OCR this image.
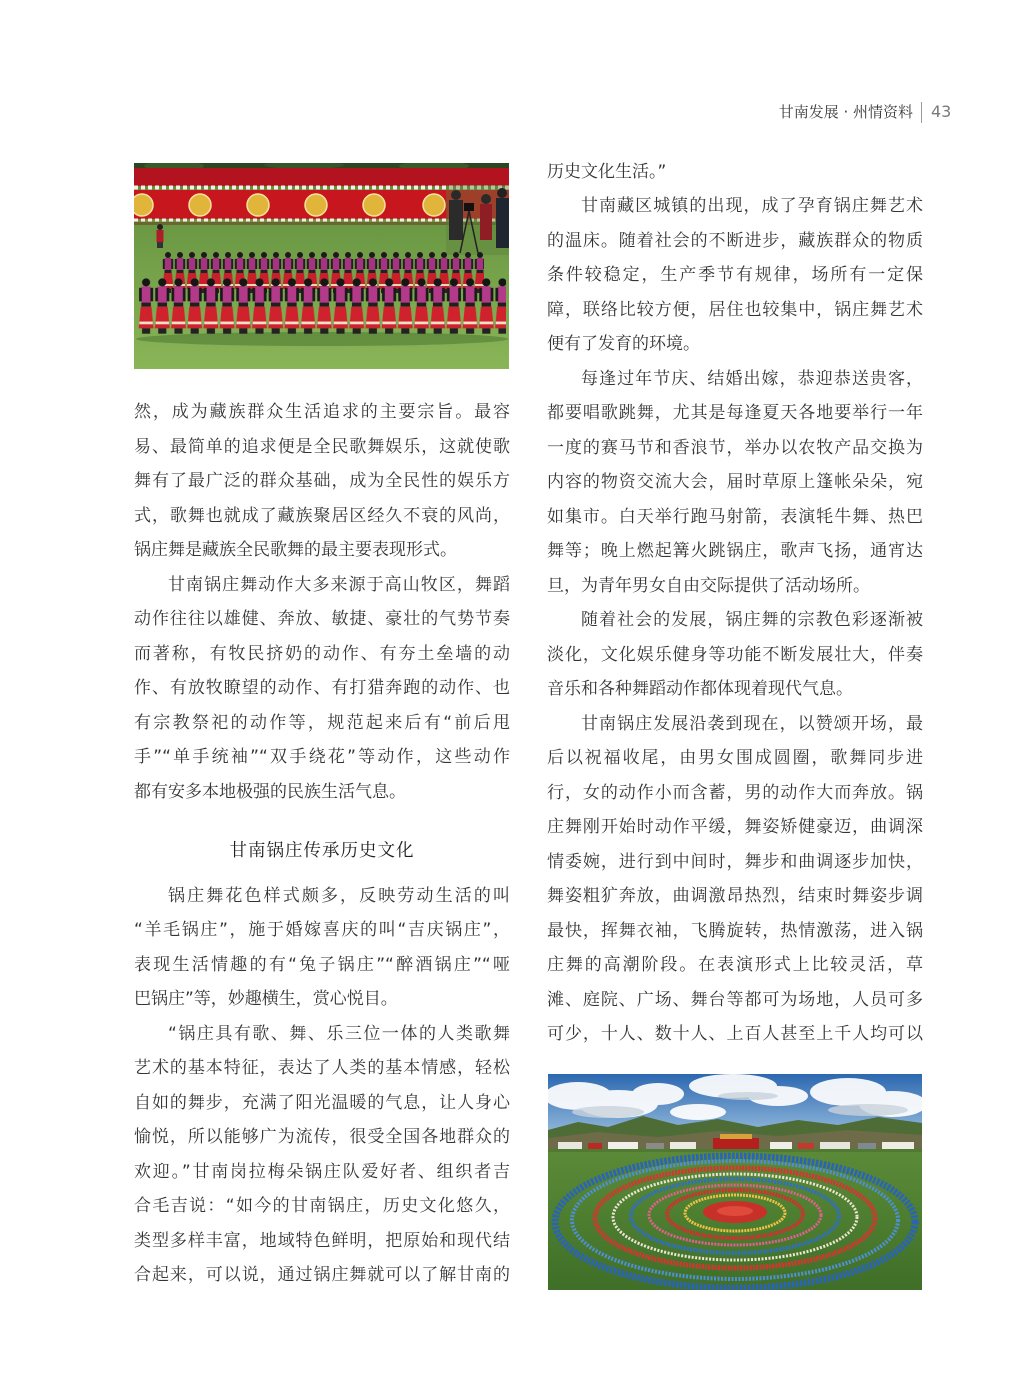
甘南发展 · 州情资料 43
然，成为藏族群众生活追求的主要宗旨。最容
易、最简单的追求便是全民歌舞娱乐，这就使歌
舞有了最广泛的群众基础，成为全民性的娱乐方
式，歌舞也就成了藏族聚居区经久不衰的风尚，
锅庄舞是藏族全民歌舞的最主要表现形式。
甘南锅庄舞动作大多来源于高山牧区，舞蹈
动作往往以雄健、奔放、敏捷、豪壮的气势节奏
而著称，有牧民挤奶的动作、有夯土垒墙的动
作、有放牧瞭望的动作、有打猎奔跑的动作、也
有宗教祭祀的动作等，规范起来后有“前后甩
手”“单手统袖”“双手绕花”等动作，这些动作
都有安多本地极强的民族生活气息。
甘南锅庄传承历史文化
锅庄舞花色样式颇多，反映劳动生活的叫
“羊毛锅庄”，施于婚嫁喜庆的叫“吉庆锅庄”，
表现生活情趣的有“兔子锅庄”“醉酒锅庄”“哑
巴锅庄”等，妙趣横生，赏心悦目。
“锅庄具有歌、舞、乐三位一体的人类歌舞
艺术的基本特征，表达了人类的基本情感，轻松
自如的舞步，充满了阳光温暖的气息，让人身心
愉悦，所以能够广为流传，很受全国各地群众的
欢迎。”甘南岗拉梅朵锅庄队爱好者、组织者吉
合毛吉说：“如今的甘南锅庄，历史文化悠久，
类型多样丰富，地域特色鲜明，把原始和现代结
合起来，可以说，通过锅庄舞就可以了解甘南的
历史文化生活。”
甘南藏区城镇的出现，成了孕育锅庄舞艺术
的温床。随着社会的不断进步，藏族群众的物质
条件较稳定，生产季节有规律，场所有一定保
障，联络比较方便，居住也较集中，锅庄舞艺术
便有了发育的环境。
每逢过年节庆、结婚出嫁，恭迎恭送贵客，
都要唱歌跳舞，尤其是每逢夏天各地要举行一年
一度的赛马节和香浪节，举办以农牧产品交换为
内容的物资交流大会，届时草原上篷帐朵朵，宛
如集市。白天举行跑马射箭，表演牦牛舞、热巴
舞等；晚上燃起篝火跳锅庄，歌声飞扬，通宵达
旦，为青年男女自由交际提供了活动场所。
随着社会的发展，锅庄舞的宗教色彩逐渐被
淡化，文化娱乐健身等功能不断发展壮大，伴奏
音乐和各种舞蹈动作都体现着现代气息。
甘南锅庄发展沿袭到现在，以赞颂开场，最
后以祝福收尾，由男女围成圆圈，歌舞同步进
行，女的动作小而含蓄，男的动作大而奔放。锅
庄舞刚开始时动作平缓，舞姿矫健豪迈，曲调深
情委婉，进行到中间时，舞步和曲调逐步加快，
舞姿粗犷奔放，曲调激昂热烈，结束时舞姿步调
最快，挥舞衣袖，飞腾旋转，热情激荡，进入锅
庄舞的高潮阶段。在表演形式上比较灵活，草
滩、庭院、广场、舞台等都可为场地，人员可多
可少，十人、数十人、上百人甚至上千人均可以
